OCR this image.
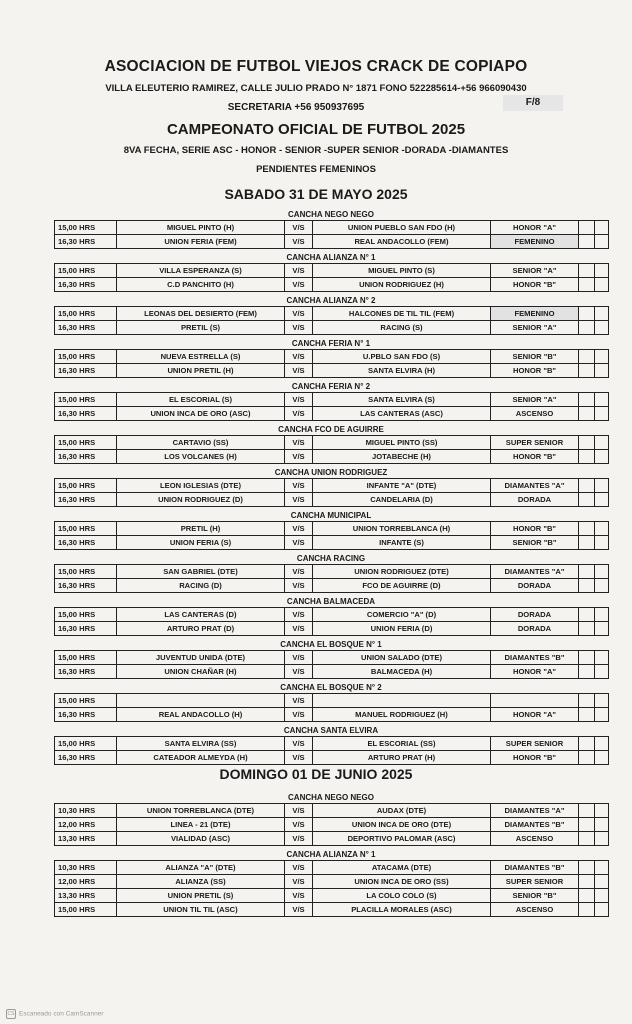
ASOCIACION DE FUTBOL VIEJOS CRACK DE COPIAPO
VILLA ELEUTERIO RAMIREZ, CALLE JULIO PRADO N° 1871 FONO 522285614-+56 966090430
SECRETARIA +56 950937695	F/8
CAMPEONATO OFICIAL DE FUTBOL 2025
8VA FECHA, SERIE ASC - HONOR - SENIOR -SUPER SENIOR -DORADA -DIAMANTES
PENDIENTES FEMENINOS
SABADO 31 DE MAYO 2025
DOMINGO 01 DE JUNIO 2025
CANCHA NEGO NEGO
15,00 HRS	MIGUEL PINTO (H)	V/S	UNION PUEBLO SAN FDO (H)	HONOR "A"		
16,30 HRS	UNION FERIA (FEM)	V/S	REAL ANDACOLLO (FEM)	FEMENINO		
CANCHA ALIANZA N° 1
15,00 HRS	VILLA ESPERANZA (S)	V/S	MIGUEL PINTO (S)	SENIOR "A"		
16,30 HRS	C.D PANCHITO (H)	V/S	UNION RODRIGUEZ (H)	HONOR "B"		
CANCHA ALIANZA N° 2
15,00 HRS	LEONAS DEL DESIERTO (FEM)	V/S	HALCONES DE TIL TIL (FEM)	FEMENINO		
16,30 HRS	PRETIL (S)	V/S	RACING (S)	SENIOR "A"		
CANCHA FERIA N° 1
15,00 HRS	NUEVA ESTRELLA (S)	V/S	U.PBLO SAN FDO (S)	SENIOR "B"		
16,30 HRS	UNION PRETIL (H)	V/S	SANTA ELVIRA (H)	HONOR "B"		
CANCHA FERIA N° 2
15,00 HRS	EL ESCORIAL (S)	V/S	SANTA ELVIRA (S)	SENIOR "A"		
16,30 HRS	UNION INCA DE ORO (ASC)	V/S	LAS CANTERAS (ASC)	ASCENSO		
CANCHA FCO DE AGUIRRE
15,00 HRS	CARTAVIO (SS)	V/S	MIGUEL PINTO (SS)	SUPER SENIOR		
16,30 HRS	LOS VOLCANES (H)	V/S	JOTABECHE (H)	HONOR "B"		
CANCHA UNION RODRIGUEZ
15,00 HRS	LEON IGLESIAS (DTE)	V/S	INFANTE "A" (DTE)	DIAMANTES "A"		
16,30 HRS	UNION RODRIGUEZ (D)	V/S	CANDELARIA (D)	DORADA		
CANCHA MUNICIPAL
15,00 HRS	PRETIL (H)	V/S	UNION TORREBLANCA (H)	HONOR "B"		
16,30 HRS	UNION FERIA (S)	V/S	INFANTE (S)	SENIOR "B"		
CANCHA RACING
15,00 HRS	SAN GABRIEL (DTE)	V/S	UNION RODRIGUEZ (DTE)	DIAMANTES "A"		
16,30 HRS	RACING (D)	V/S	FCO DE AGUIRRE (D)	DORADA		
CANCHA BALMACEDA
15,00 HRS	LAS CANTERAS (D)	V/S	COMERCIO "A" (D)	DORADA		
16,30 HRS	ARTURO PRAT (D)	V/S	UNION FERIA (D)	DORADA		
CANCHA EL BOSQUE N° 1
15,00 HRS	JUVENTUD UNIDA (DTE)	V/S	UNION SALADO (DTE)	DIAMANTES "B"		
16,30 HRS	UNION CHAÑAR (H)	V/S	BALMACEDA (H)	HONOR "A"		
CANCHA EL BOSQUE N° 2
15,00 HRS		V/S				
16,30 HRS	REAL ANDACOLLO (H)	V/S	MANUEL RODRIGUEZ (H)	HONOR "A"		
CANCHA SANTA ELVIRA
15,00 HRS	SANTA ELVIRA (SS)	V/S	EL ESCORIAL (SS)	SUPER SENIOR		
16,30 HRS	CATEADOR ALMEYDA (H)	V/S	ARTURO PRAT (H)	HONOR "B"		
CANCHA NEGO NEGO
10,30 HRS	UNION TORREBLANCA (DTE)	V/S	AUDAX (DTE)	DIAMANTES "A"		
12,00 HRS	LINEA - 21 (DTE)	V/S	UNION INCA DE ORO (DTE)	DIAMANTES "B"		
13,30 HRS	VIALIDAD (ASC)	V/S	DEPORTIVO PALOMAR (ASC)	ASCENSO		
CANCHA ALIANZA N° 1
10,30 HRS	ALIANZA "A" (DTE)	V/S	ATACAMA (DTE)	DIAMANTES "B"		
12,00 HRS	ALIANZA (SS)	V/S	UNION INCA DE ORO (SS)	SUPER SENIOR		
13,30 HRS	UNION PRETIL (S)	V/S	LA COLO COLO (S)	SENIOR "B"		
15,00 HRS	UNION TIL TIL (ASC)	V/S	PLACILLA MORALES (ASC)	ASCENSO		
CS Escaneado con CamScanner
